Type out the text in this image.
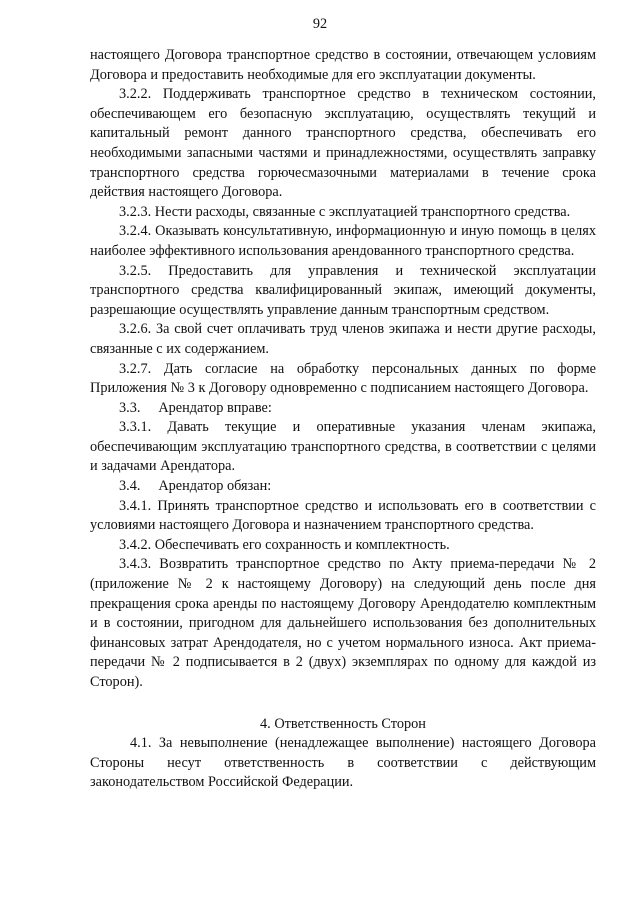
92

настоящего Договора транспортное средство в состоянии, отвечающем условиям Договора и предоставить необходимые для его эксплуатации документы.

3.2.2. Поддерживать транспортное средство в техническом состоянии, обеспечивающем его безопасную эксплуатацию, осуществлять текущий и капитальный ремонт данного транспортного средства, обеспечивать его необходимыми запасными частями и принадлежностями, осуществлять заправку транспортного средства горючесмазочными материалами в течение срока действия настоящего Договора.

3.2.3. Нести расходы, связанные с эксплуатацией транспортного средства.

3.2.4. Оказывать консультативную, информационную и иную помощь в целях наиболее эффективного использования арендованного транспортного средства.

3.2.5. Предоставить для управления и технической эксплуатации транспортного средства квалифицированный экипаж, имеющий документы, разрешающие осуществлять управление данным транспортным средством.

3.2.6. За свой счет оплачивать труд членов экипажа и нести другие расходы, связанные с их содержанием.

3.2.7. Дать согласие на обработку персональных данных по форме Приложения № 3 к Договору одновременно с подписанием настоящего Договора.

3.3.     Арендатор вправе:

3.3.1. Давать текущие и оперативные указания членам экипажа, обеспечивающим эксплуатацию транспортного средства, в соответствии с целями и задачами Арендатора.

3.4.     Арендатор обязан:

3.4.1. Принять транспортное средство и использовать его в соответствии с условиями настоящего Договора и назначением транспортного средства.

3.4.2. Обеспечивать его сохранность и комплектность.

3.4.3. Возвратить транспортное средство по Акту приема-передачи № 2 (приложение № 2 к настоящему Договору) на следующий день после дня прекращения срока аренды по настоящему Договору Арендодателю комплектным и в состоянии, пригодном для дальнейшего использования без дополнительных финансовых затрат Арендодателя, но с учетом нормального износа. Акт приема-передачи № 2 подписывается в 2 (двух) экземплярах по одному для каждой из Сторон).

4. Ответственность Сторон

4.1. За невыполнение (ненадлежащее выполнение) настоящего Договора Стороны несут ответственность в соответствии с действующим законодательством Российской Федерации.
